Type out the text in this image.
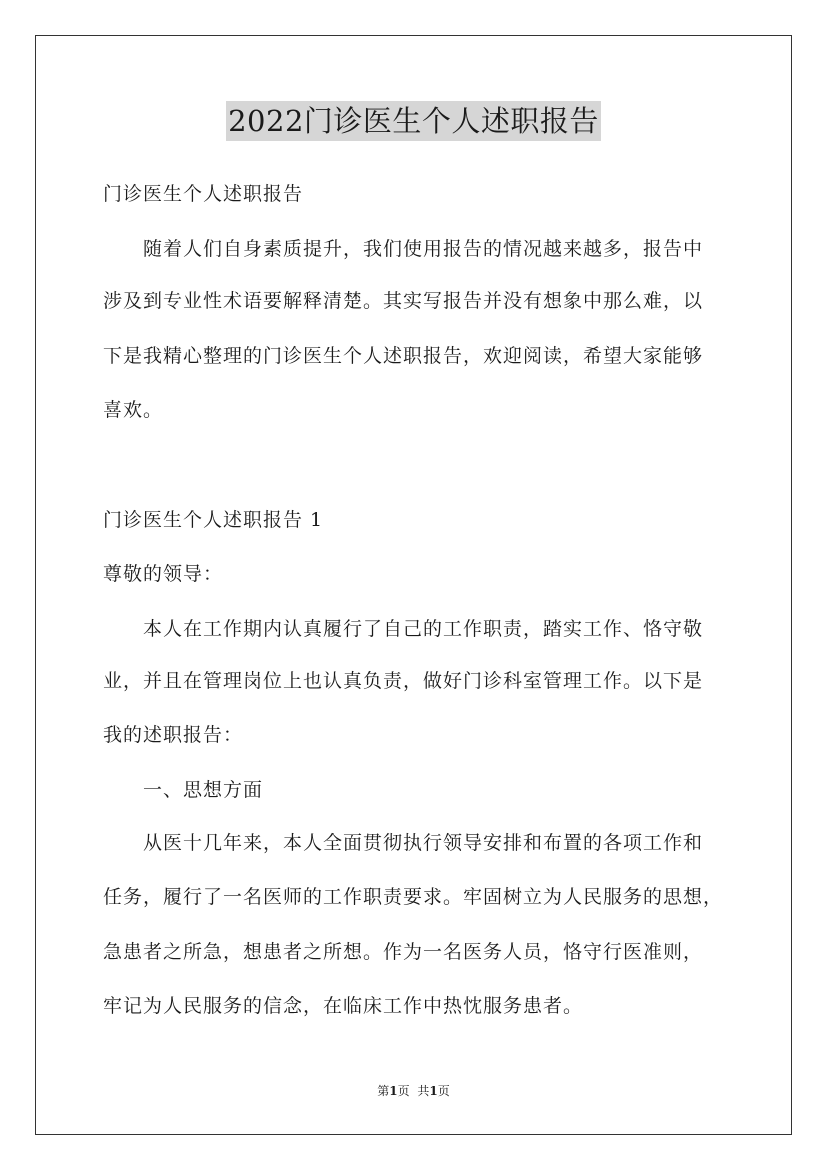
2022门诊医生个人述职报告
门诊医生个人述职报告
　　随着人们自身素质提升，我们使用报告的情况越来越多，报告中
涉及到专业性术语要解释清楚。其实写报告并没有想象中那么难，以
下是我精心整理的门诊医生个人述职报告，欢迎阅读，希望大家能够
喜欢。
门诊医生个人述职报告 1
尊敬的领导：
　　本人在工作期内认真履行了自己的工作职责，踏实工作、恪守敬
业，并且在管理岗位上也认真负责，做好门诊科室管理工作。以下是
我的述职报告：
　　一、思想方面
　　从医十几年来，本人全面贯彻执行领导安排和布置的各项工作和
任务，履行了一名医师的工作职责要求。牢固树立为人民服务的思想，
急患者之所急，想患者之所想。作为一名医务人员，恪守行医准则，
牢记为人民服务的信念，在临床工作中热忱服务患者。
第1页 共1页
